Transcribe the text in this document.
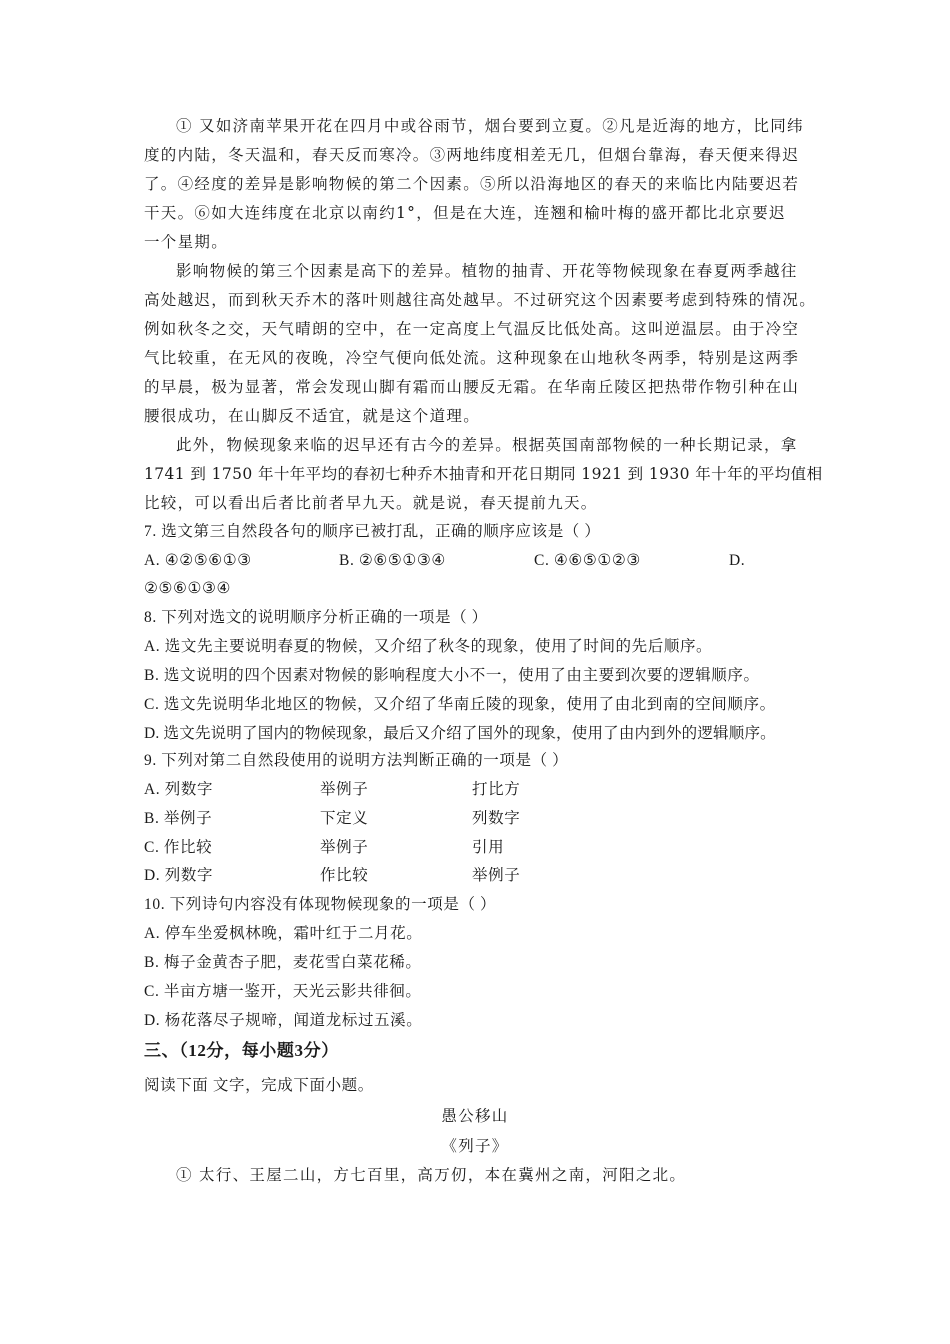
① 又如济南苹果开花在四月中或谷雨节，烟台要到立夏。②凡是近海的地方，比同纬
度的内陆，冬天温和，春天反而寒冷。③两地纬度相差无几，但烟台靠海，春天便来得迟
了。④经度的差异是影响物候的第二个因素。⑤所以沿海地区的春天的来临比内陆要迟若
干天。⑥如大连纬度在北京以南约1°，但是在大连，连翘和榆叶梅的盛开都比北京要迟
一个星期。
影响物候的第三个因素是高下的差异。植物的抽青、开花等物候现象在春夏两季越往
高处越迟，而到秋天乔木的落叶则越往高处越早。不过研究这个因素要考虑到特殊的情况。
例如秋冬之交，天气晴朗的空中，在一定高度上气温反比低处高。这叫逆温层。由于冷空
气比较重，在无风的夜晚，冷空气便向低处流。这种现象在山地秋冬两季，特别是这两季
的早晨，极为显著，常会发现山脚有霜而山腰反无霜。在华南丘陵区把热带作物引种在山
腰很成功，在山脚反不适宜，就是这个道理。
此外，物候现象来临的迟早还有古今的差异。根据英国南部物候的一种长期记录，拿
1741 到 1750 年十年平均的春初七种乔木抽青和开花日期同 1921 到 1930 年十年的平均值相
比较，可以看出后者比前者早九天。就是说，春天提前九天。
7. 选文第三自然段各句的顺序已被打乱，正确的顺序应该是（ ）
A. ④②⑤⑥①③	B. ②⑥⑤①③④	C. ④⑥⑤①②③	D.
②⑤⑥①③④
8. 下列对选文的说明顺序分析正确的一项是（ ）
A. 选文先主要说明春夏的物候，又介绍了秋冬的现象，使用了时间的先后顺序。
B. 选文说明的四个因素对物候的影响程度大小不一，使用了由主要到次要的逻辑顺序。
C. 选文先说明华北地区的物候，又介绍了华南丘陵的现象，使用了由北到南的空间顺序。
D. 选文先说明了国内的物候现象，最后又介绍了国外的现象，使用了由内到外的逻辑顺序。
9. 下列对第二自然段使用的说明方法判断正确的一项是（ ）
A. 列数字	举例子	打比方
B. 举例子	下定义	列数字
C. 作比较	举例子	引用
D. 列数字	作比较	举例子
10. 下列诗句内容没有体现物候现象的一项是（ ）
A. 停车坐爱枫林晚，霜叶红于二月花。
B. 梅子金黄杏子肥，麦花雪白菜花稀。
C. 半亩方塘一鉴开，天光云影共徘徊。
D. 杨花落尽子规啼，闻道龙标过五溪。
三、（12分，每小题3分）
阅读下面 文字，完成下面小题。
愚公移山
《列子》
① 太行、王屋二山，方七百里，高万仞，本在冀州之南，河阳之北。
